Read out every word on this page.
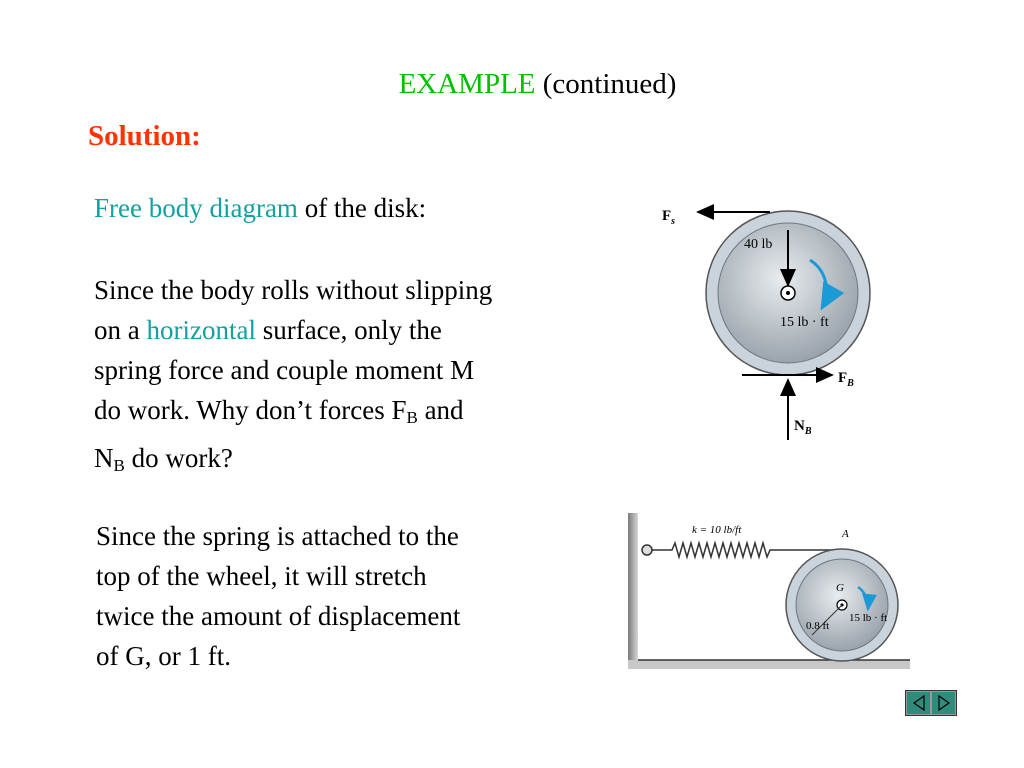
EXAMPLE (continued)
Solution:
Free body diagram of the disk:
Since the body rolls without slipping
on a horizontal surface, only the
spring force and couple moment M
do work. Why don’t forces $F_B$ and
$N_B$ do work?
Since the spring is attached to the
top of the wheel, it will stretch
twice the amount of displacement
of G, or 1 ft.
$F_s$
40 lb
15 lb · ft
$F_B$
$N_B$
k = 10 lb/ft	A
G
0.8 ft
15 lb · ft
